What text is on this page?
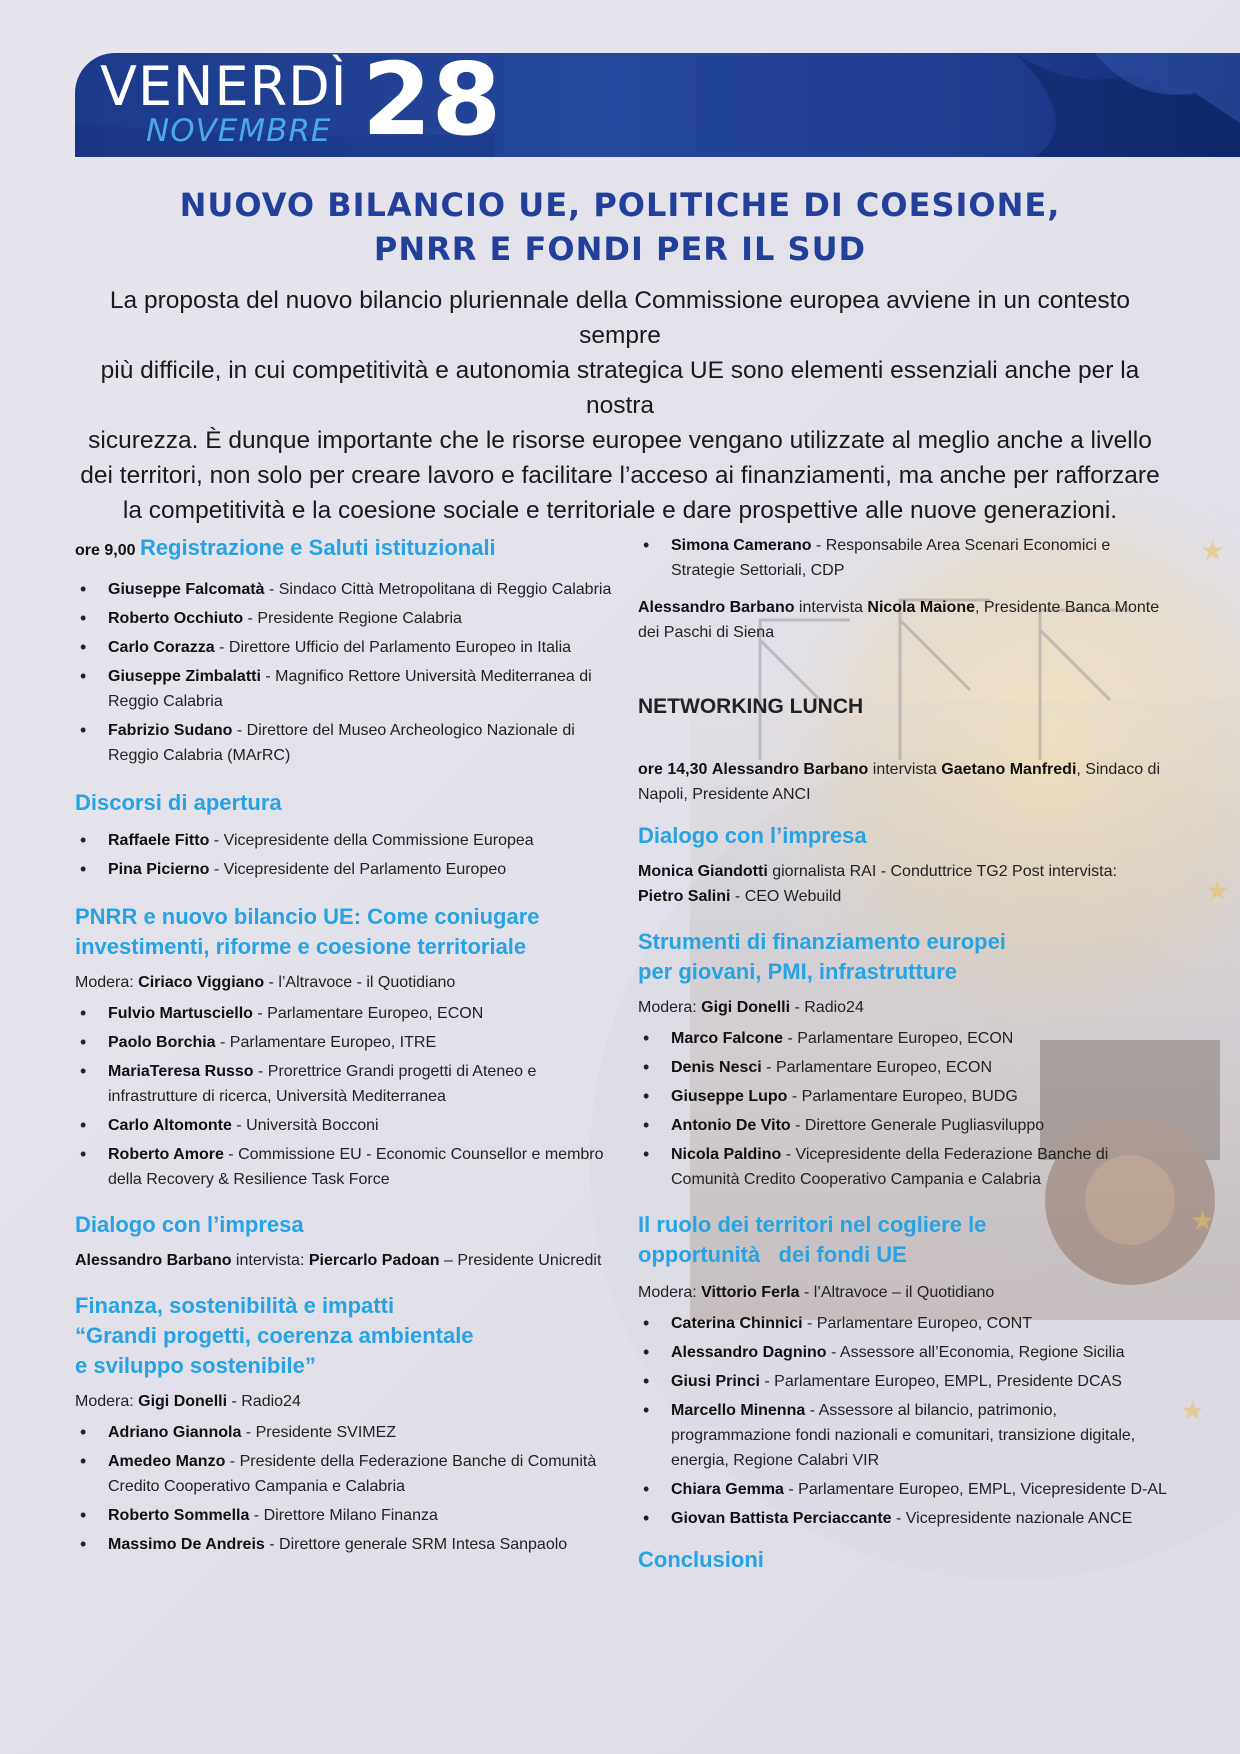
★
★
★
★
VENERDÌ
NOVEMBRE 28
NUOVO BILANCIO UE, POLITICHE DI COESIONE,
PNRR E FONDI PER IL SUD
La proposta del nuovo bilancio pluriennale della Commissione europea avviene in un contesto sempre
più difficile, in cui competitività e autonomia strategica UE sono elementi essenziali anche per la nostra
sicurezza. È dunque importante che le risorse europee vengano utilizzate al meglio anche a livello
dei territori, non solo per creare lavoro e facilitare l’acceso ai finanziamenti, ma anche per rafforzare
la competitività e la coesione sociale e territoriale e dare prospettive alle nuove generazioni.
ore 9,00 Registrazione e Saluti istituzionali
• Giuseppe Falcomatà - Sindaco Città Metropolitana di Reggio Calabria
• Roberto Occhiuto - Presidente Regione Calabria
• Carlo Corazza - Direttore Ufficio del Parlamento Europeo in Italia
• Giuseppe Zimbalatti - Magnifico Rettore Università Mediterranea di Reggio Calabria
• Fabrizio Sudano - Direttore del Museo Archeologico Nazionale di Reggio Calabria (MArRC)
Discorsi di apertura
• Raffaele Fitto - Vicepresidente della Commissione Europea
• Pina Picierno - Vicepresidente del Parlamento Europeo
PNRR e nuovo bilancio UE: Come coniugare
investimenti, riforme e coesione territoriale

Modera: Ciriaco Viggiano - l’Altravoce - il Quotidiano

• Fulvio Martusciello - Parlamentare Europeo, ECON
• Paolo Borchia - Parlamentare Europeo, ITRE
• MariaTeresa Russo - Prorettrice Grandi progetti di Ateneo e infrastrutture di ricerca, Università Mediterranea
• Carlo Altomonte - Università Bocconi
• Roberto Amore - Commissione EU - Economic Counsellor e membro della Recovery & Resilience Task Force
Dialogo con l’impresa

Alessandro Barbano intervista: Piercarlo Padoan – Presidente Unicredit

Finanza, sostenibilità e impatti
“Grandi progetti, coerenza ambientale
e sviluppo sostenibile”

Modera: Gigi Donelli - Radio24

• Adriano Giannola - Presidente SVIMEZ
• Amedeo Manzo - Presidente della Federazione Banche di Comunità Credito Cooperativo Campania e Calabria
• Roberto Sommella - Direttore Milano Finanza
• Massimo De Andreis - Direttore generale SRM Intesa Sanpaolo
• Simona Camerano - Responsabile Area Scenari Economici e Strategie Settoriali, CDP

Alessandro Barbano intervista Nicola Maione, Presidente Banca Monte dei Paschi di Siena

NETWORKING LUNCH

ore 14,30 Alessandro Barbano intervista Gaetano Manfredi, Sindaco di Napoli, Presidente ANCI

Dialogo con l’impresa

Monica Giandotti giornalista RAI - Conduttrice TG2 Post intervista:
Pietro Salini - CEO Webuild

Strumenti di finanziamento europei
per giovani, PMI, infrastrutture

Modera: Gigi Donelli - Radio24

• Marco Falcone - Parlamentare Europeo, ECON
• Denis Nesci - Parlamentare Europeo, ECON
• Giuseppe Lupo - Parlamentare Europeo, BUDG
• Antonio De Vito - Direttore Generale Pugliasviluppo
• Nicola Paldino - Vicepresidente della Federazione Banche di Comunità Credito Cooperativo Campania e Calabria
Il ruolo dei territori nel cogliere le
opportunità   dei fondi UE

Modera: Vittorio Ferla - l’Altravoce – il Quotidiano

• Caterina Chinnici - Parlamentare Europeo, CONT
• Alessandro Dagnino - Assessore all’Economia, Regione Sicilia
• Giusi Princi - Parlamentare Europeo, EMPL, Presidente DCAS
• Marcello Minenna - Assessore al bilancio, patrimonio, programmazione fondi nazionali e comunitari, transizione digitale, energia, Regione Calabri VIR
• Chiara Gemma - Parlamentare Europeo, EMPL, Vicepresidente D-AL
• Giovan Battista Perciaccante - Vicepresidente nazionale ANCE
Conclusioni
